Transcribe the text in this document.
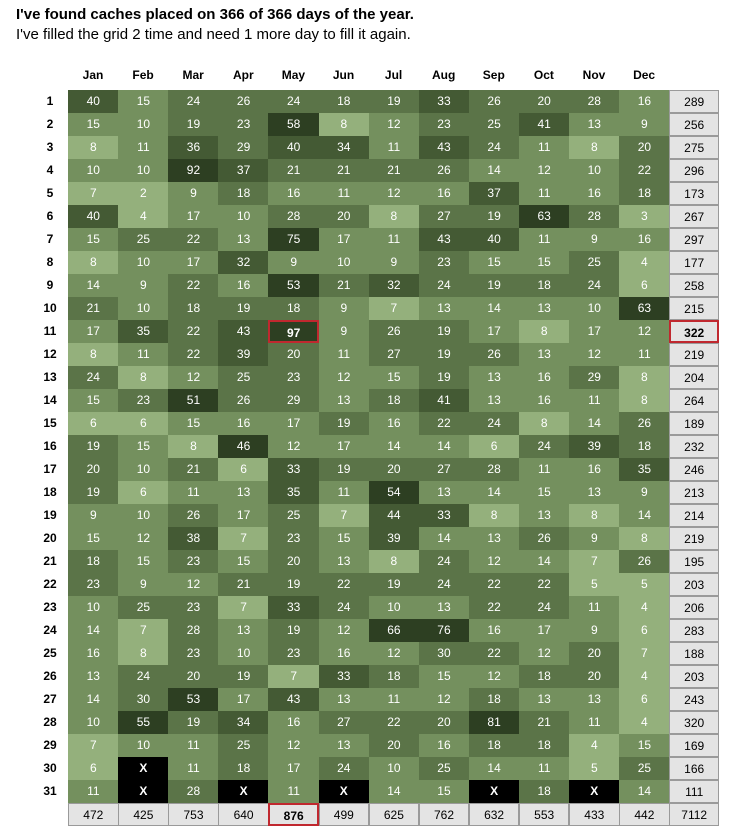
I've found caches placed on 366 of 366 days of the year.
I've filled the grid 2 time and need 1 more day to fill it again.
Jan	Feb	Mar	Apr	May	Jun	Jul	Aug	Sep	Oct	Nov	Dec
1	40	15	24	26	24	18	19	33	26	20	28	16	289
2	15	10	19	23	58	8	12	23	25	41	13	9	256
3	8	11	36	29	40	34	11	43	24	11	8	20	275
4	10	10	92	37	21	21	21	26	14	12	10	22	296
5	7	2	9	18	16	11	12	16	37	11	16	18	173
6	40	4	17	10	28	20	8	27	19	63	28	3	267
7	15	25	22	13	75	17	11	43	40	11	9	16	297
8	8	10	17	32	9	10	9	23	15	15	25	4	177
9	14	9	22	16	53	21	32	24	19	18	24	6	258
10	21	10	18	19	18	9	7	13	14	13	10	63	215
11	17	35	22	43	97	9	26	19	17	8	17	12	322
12	8	11	22	39	20	11	27	19	26	13	12	11	219
13	24	8	12	25	23	12	15	19	13	16	29	8	204
14	15	23	51	26	29	13	18	41	13	16	11	8	264
15	6	6	15	16	17	19	16	22	24	8	14	26	189
16	19	15	8	46	12	17	14	14	6	24	39	18	232
17	20	10	21	6	33	19	20	27	28	11	16	35	246
18	19	6	11	13	35	11	54	13	14	15	13	9	213
19	9	10	26	17	25	7	44	33	8	13	8	14	214
20	15	12	38	7	23	15	39	14	13	26	9	8	219
21	18	15	23	15	20	13	8	24	12	14	7	26	195
22	23	9	12	21	19	22	19	24	22	22	5	5	203
23	10	25	23	7	33	24	10	13	22	24	11	4	206
24	14	7	28	13	19	12	66	76	16	17	9	6	283
25	16	8	23	10	23	16	12	30	22	12	20	7	188
26	13	24	20	19	7	33	18	15	12	18	20	4	203
27	14	30	53	17	43	13	11	12	18	13	13	6	243
28	10	55	19	34	16	27	22	20	81	21	11	4	320
29	7	10	11	25	12	13	20	16	18	18	4	15	169
30	6	X	11	18	17	24	10	25	14	11	5	25	166
31	11	X	28	X	11	X	14	15	X	18	X	14	111
472	425	753	640	876	499	625	762	632	553	433	442	7112
